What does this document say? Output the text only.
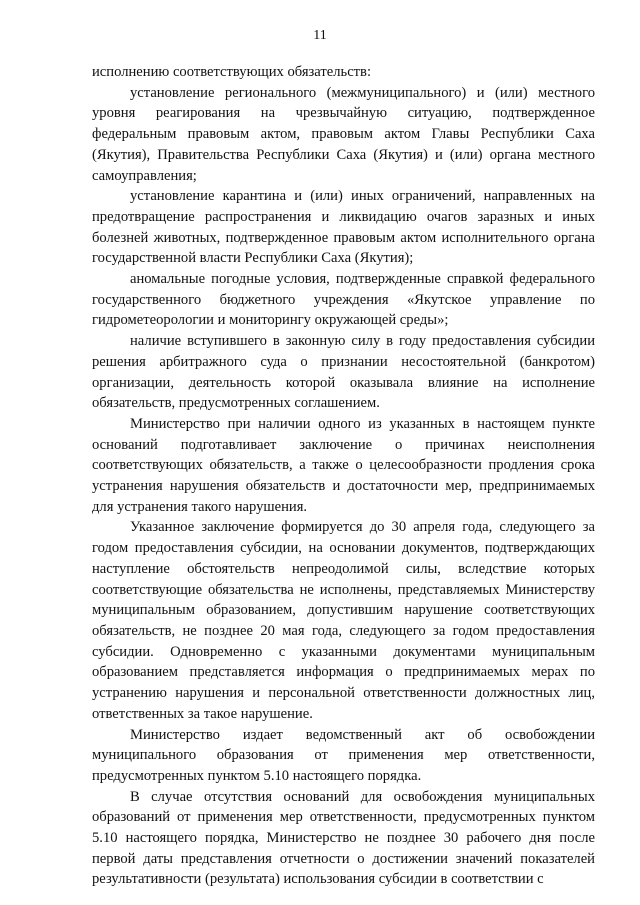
11

исполнению соответствующих обязательств:

установление регионального (межмуниципального) и (или) местного уровня реагирования на чрезвычайную ситуацию, подтвержденное федеральным правовым актом, правовым актом Главы Республики Саха (Якутия), Правительства Республики Саха (Якутия) и (или) органа местного самоуправления;

установление карантина и (или) иных ограничений, направленных на предотвращение распространения и ликвидацию очагов заразных и иных болезней животных, подтвержденное правовым актом исполнительного органа государственной власти Республики Саха (Якутия);

аномальные погодные условия, подтвержденные справкой федерального государственного бюджетного учреждения «Якутское управление по гидрометеорологии и мониторингу окружающей среды»;

наличие вступившего в законную силу в году предоставления субсидии решения арбитражного суда о признании несостоятельной (банкротом) организации, деятельность которой оказывала влияние на исполнение обязательств, предусмотренных соглашением.

Министерство при наличии одного из указанных в настоящем пункте оснований подготавливает заключение о причинах неисполнения соответствующих обязательств, а также о целесообразности продления срока устранения нарушения обязательств и достаточности мер, предпринимаемых для устранения такого нарушения.

Указанное заключение формируется до 30 апреля года, следующего за годом предоставления субсидии, на основании документов, подтверждающих наступление обстоятельств непреодолимой силы, вследствие которых соответствующие обязательства не исполнены, представляемых Министерству муниципальным образованием, допустившим нарушение соответствующих обязательств, не позднее 20 мая года, следующего за годом предоставления субсидии. Одновременно с указанными документами муниципальным образованием представляется информация о предпринимаемых мерах по устранению нарушения и персональной ответственности должностных лиц, ответственных за такое нарушение.

Министерство издает ведомственный акт об освобождении муниципального образования от применения мер ответственности, предусмотренных пунктом 5.10 настоящего порядка.

В случае отсутствия оснований для освобождения муниципальных образований от применения мер ответственности, предусмотренных пунктом 5.10 настоящего порядка, Министерство не позднее 30 рабочего дня после первой даты представления отчетности о достижении значений показателей результативности (результата) использования субсидии в соответствии с
